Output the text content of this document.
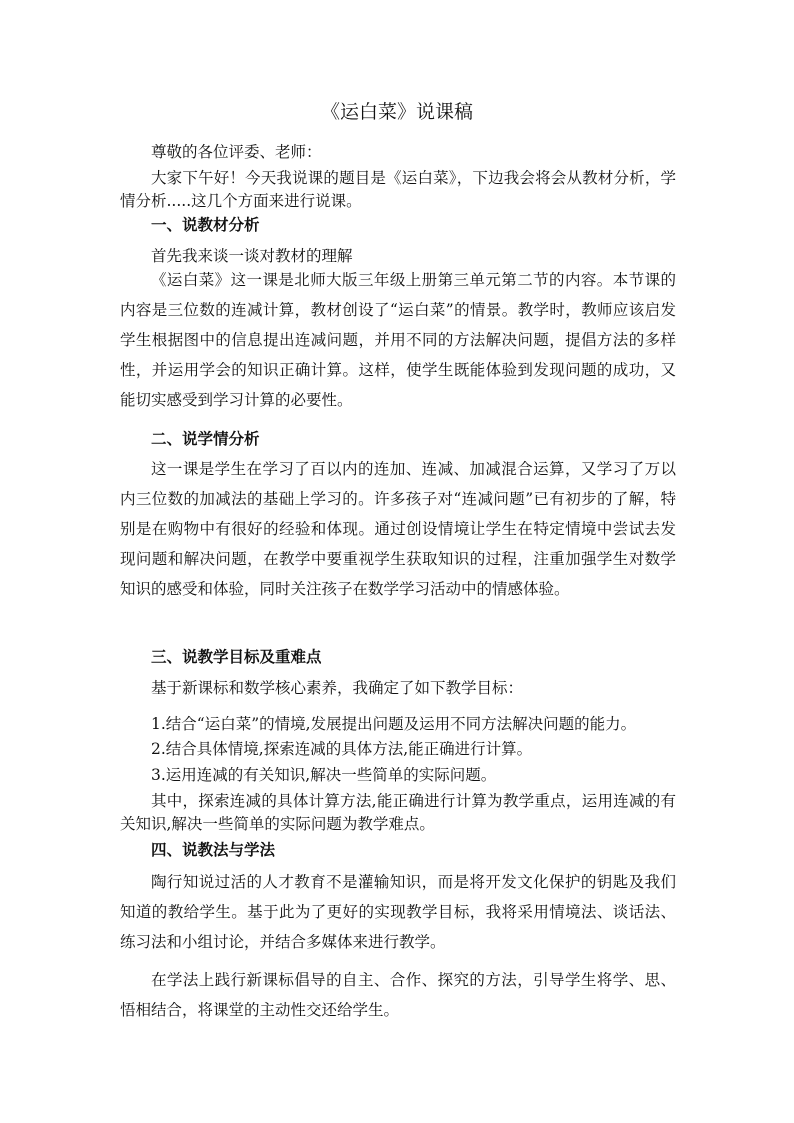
《运白菜》说课稿

尊敬的各位评委、老师：

大家下午好！今天我说课的题目是《运白菜》，下边我会将会从教材分析，学情分析.....这几个方面来进行说课。

一、说教材分析

首先我来谈一谈对教材的理解

《运白菜》这一课是北师大版三年级上册第三单元第二节的内容。本节课的内容是三位数的连减计算，教材创设了“运白菜”的情景。教学时，教师应该启发学生根据图中的信息提出连减问题，并用不同的方法解决问题，提倡方法的多样性，并运用学会的知识正确计算。这样，使学生既能体验到发现问题的成功，又能切实感受到学习计算的必要性。

二、说学情分析

这一课是学生在学习了百以内的连加、连减、加减混合运算，又学习了万以内三位数的加减法的基础上学习的。许多孩子对“连减问题”已有初步的了解，特别是在购物中有很好的经验和体现。通过创设情境让学生在特定情境中尝试去发现问题和解决问题，在教学中要重视学生获取知识的过程，注重加强学生对数学知识的感受和体验，同时关注孩子在数学学习活动中的情感体验。

三、说教学目标及重难点

基于新课标和数学核心素养，我确定了如下教学目标：

1.结合“运白菜”的情境,发展提出问题及运用不同方法解决问题的能力。

2.结合具体情境,探索连减的具体方法,能正确进行计算。

3.运用连减的有关知识,解决一些简单的实际问题。

其中，探索连减的具体计算方法,能正确进行计算为教学重点，运用连减的有关知识,解决一些简单的实际问题为教学难点。

四、说教法与学法

陶行知说过活的人才教育不是灌输知识，而是将开发文化保护的钥匙及我们知道的教给学生。基于此为了更好的实现教学目标，我将采用情境法、谈话法、练习法和小组讨论，并结合多媒体来进行教学。

在学法上践行新课标倡导的自主、合作、探究的方法，引导学生将学、思、悟相结合，将课堂的主动性交还给学生。
